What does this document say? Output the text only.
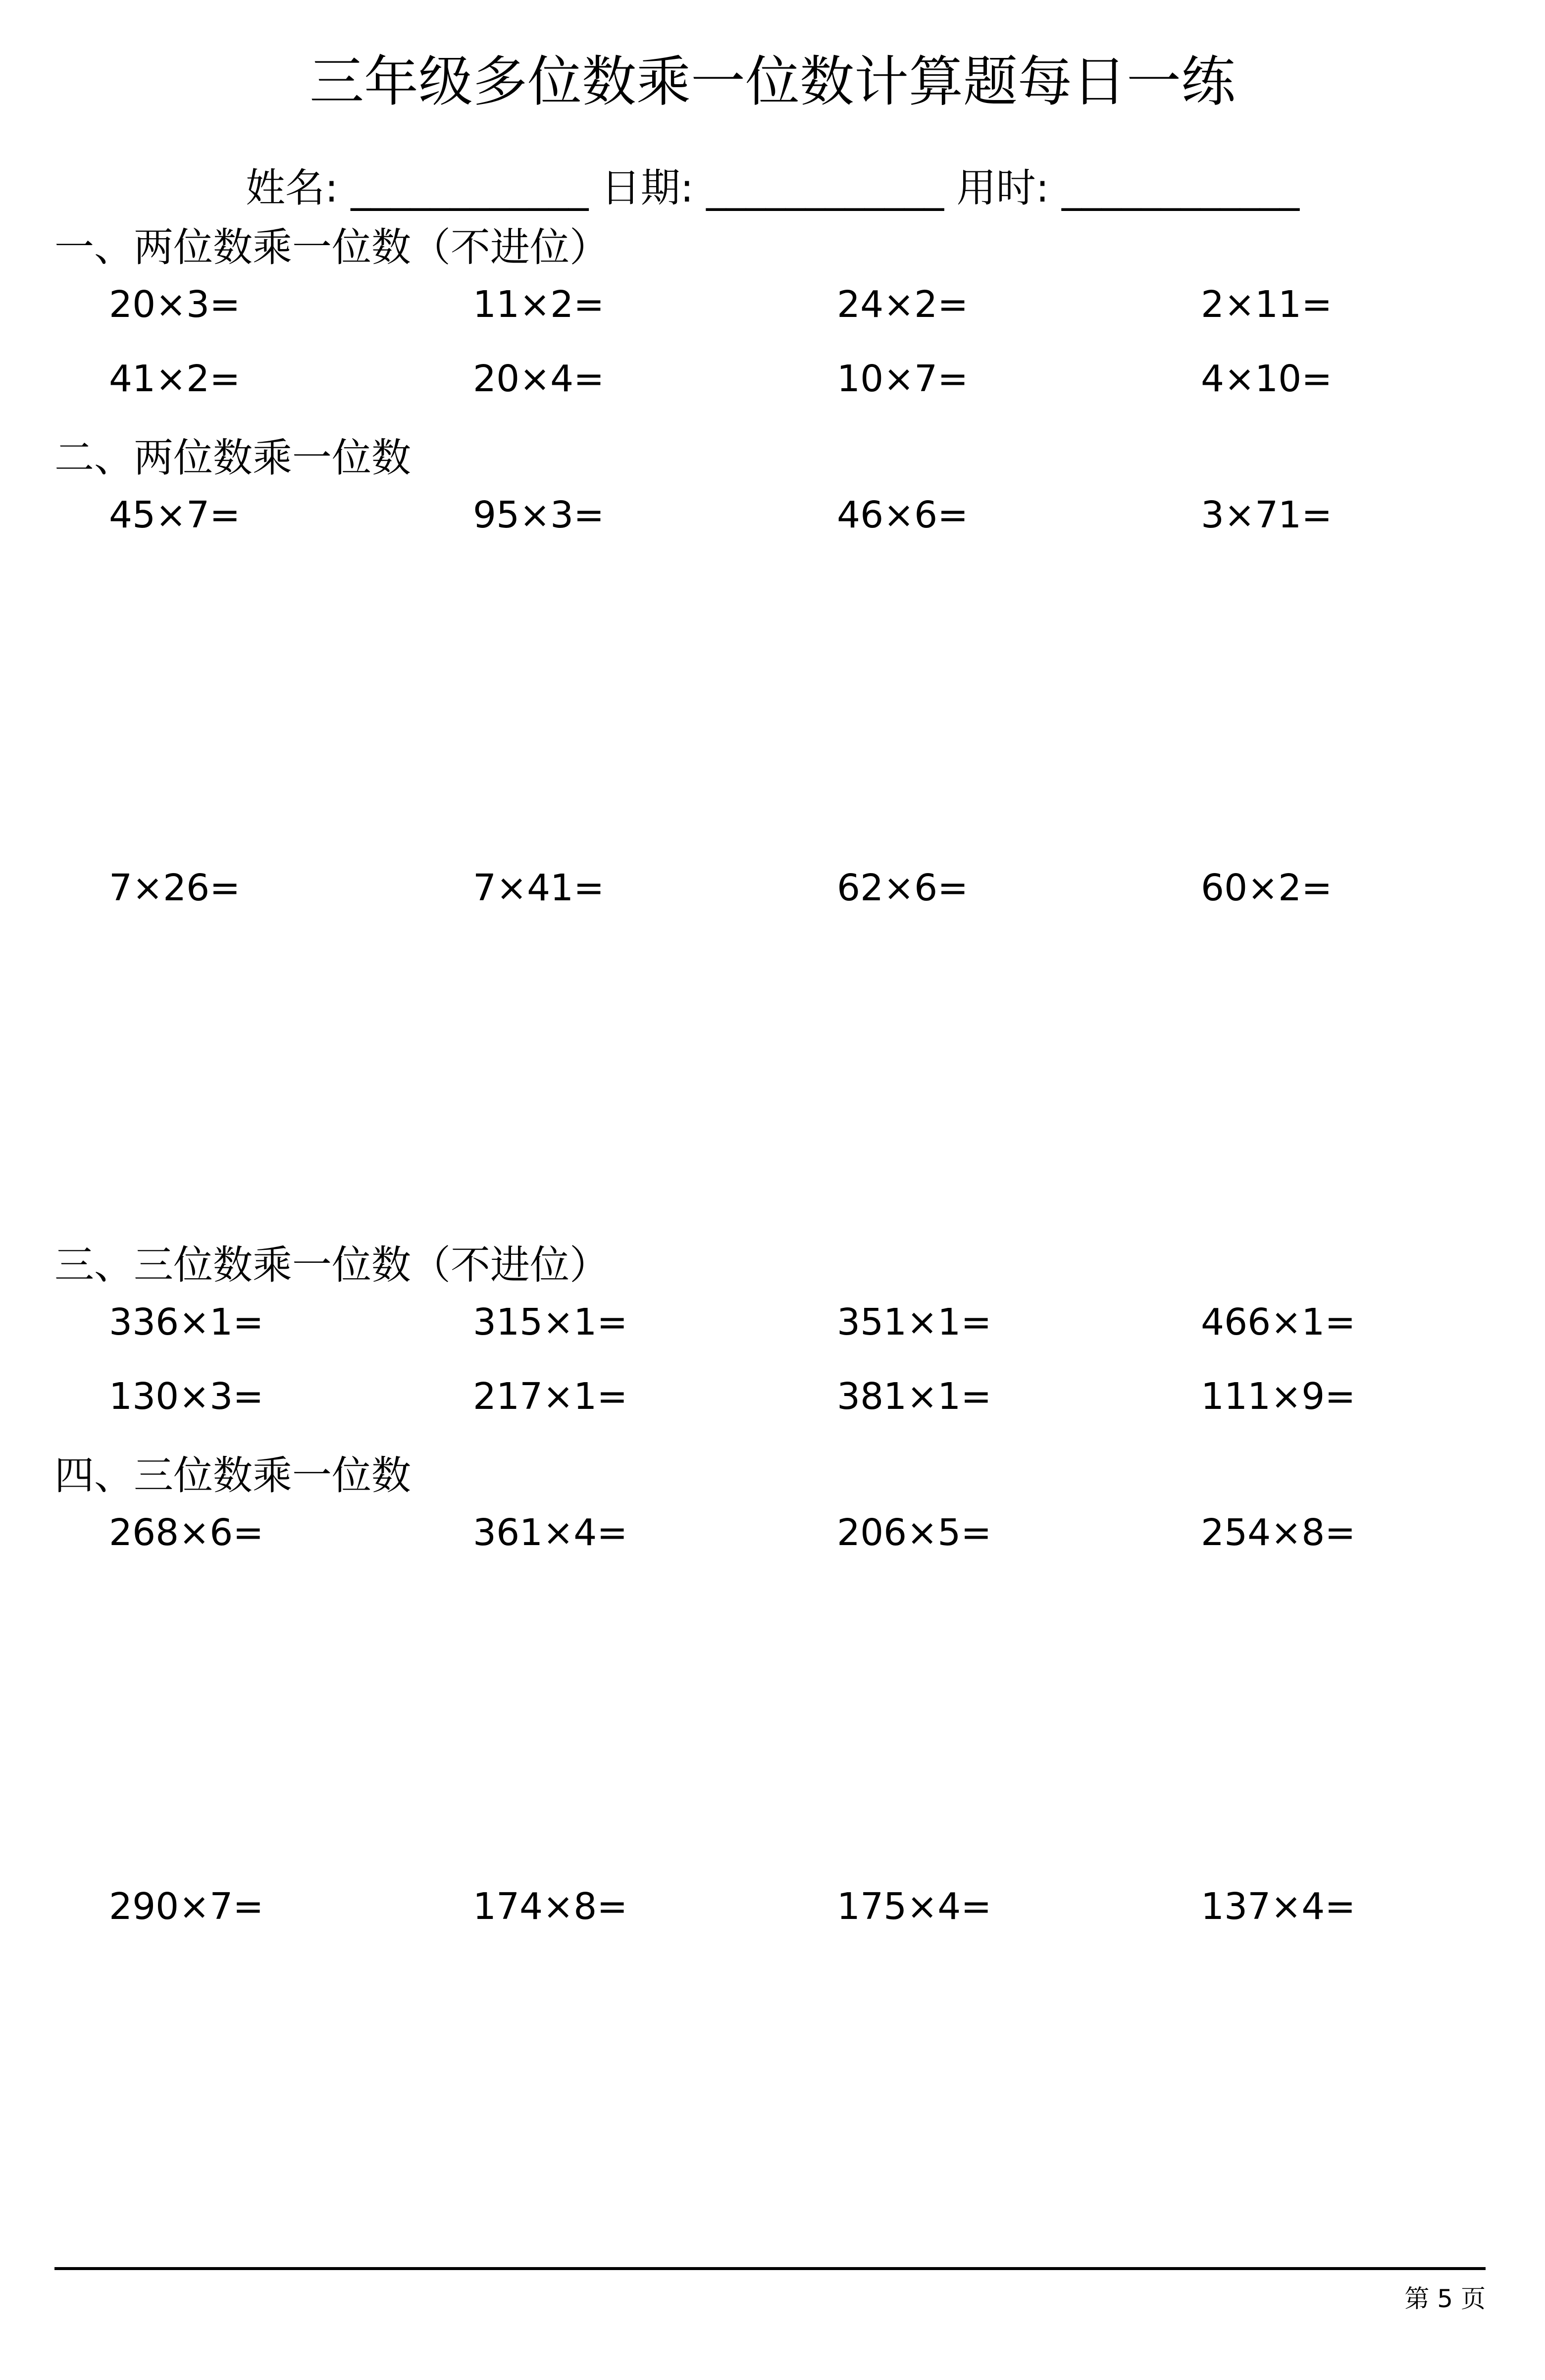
三年级多位数乘一位数计算题每日一练
姓名: ____________ 日期: ____________ 用时: ____________
一、两位数乘一位数（不进位）
20×3=	11×2=	24×2=	2×11=
41×2=	20×4=	10×7=	4×10=
二、两位数乘一位数
45×7=	95×3=	46×6=	3×71=
7×26=	7×41=	62×6=	60×2=
三、三位数乘一位数（不进位）
336×1=	315×1=	351×1=	466×1=
130×3=	217×1=	381×1=	111×9=
四、三位数乘一位数
268×6=	361×4=	206×5=	254×8=
290×7=	174×8=	175×4=	137×4=
第 5 页
